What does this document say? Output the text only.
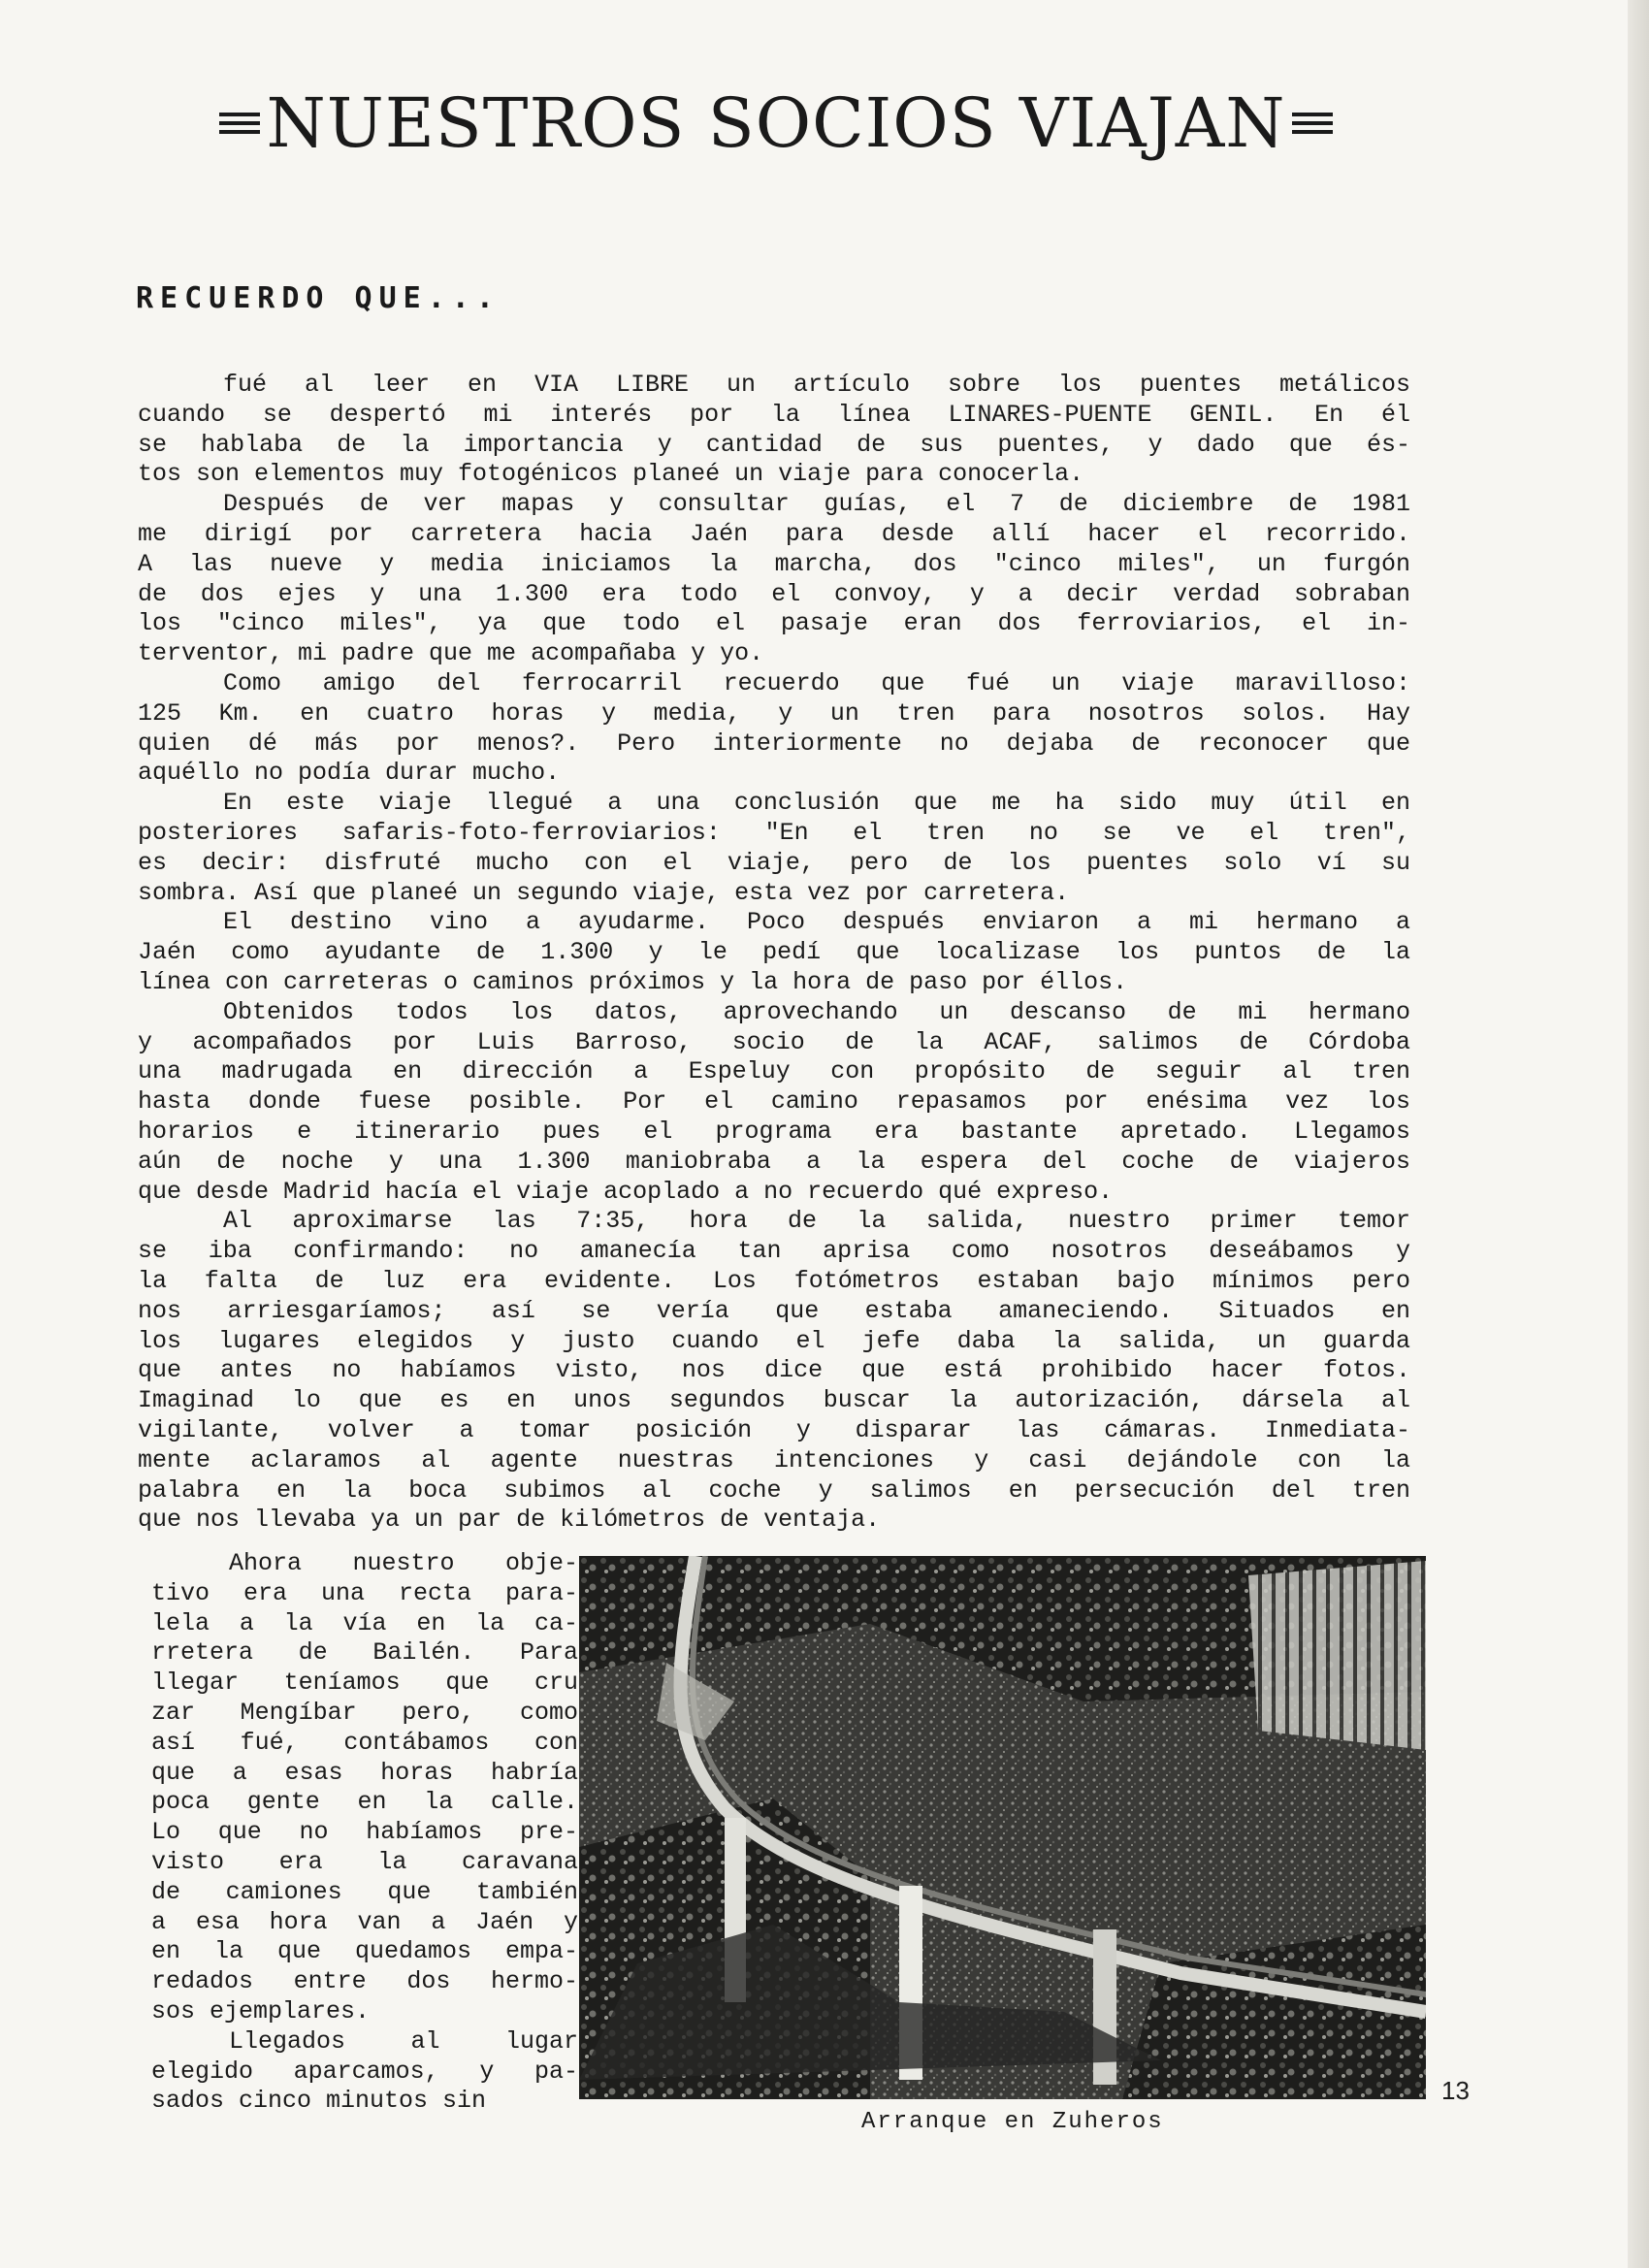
NUESTROS SOCIOS VIAJAN
RECUERDO QUE...
fué al leer en VIA LIBRE un artículo sobre los puentes metálicos
cuando se despertó mi interés por la línea LINARES-PUENTE GENIL. En él
se hablaba de la importancia y cantidad de sus puentes, y dado que és-
tos son elementos muy fotogénicos planeé un viaje para conocerla.
Después de ver mapas y consultar guías, el 7 de diciembre de 1981
me dirigí por carretera hacia Jaén para desde allí hacer el recorrido.
A las nueve y media iniciamos la marcha, dos "cinco miles", un furgón
de dos ejes y una 1.300 era todo el convoy, y a decir verdad sobraban
los "cinco miles", ya que todo el pasaje eran dos ferroviarios, el in-
terventor, mi padre que me acompañaba y yo.
Como amigo del ferrocarril recuerdo que fué un viaje maravilloso:
125 Km. en cuatro horas y media, y un tren para nosotros solos. Hay
quien dé más por menos?. Pero interiormente no dejaba de reconocer que
aquéllo no podía durar mucho.
En este viaje llegué a una conclusión que me ha sido muy útil en
posteriores safaris-foto-ferroviarios: "En el tren no se ve el tren",
es decir: disfruté mucho con el viaje, pero de los puentes solo ví su
sombra. Así que planeé un segundo viaje, esta vez por carretera.
El destino vino a ayudarme. Poco después enviaron a mi hermano a
Jaén como ayudante de 1.300 y le pedí que localizase los puntos de la
línea con carreteras o caminos próximos y la hora de paso por éllos.
Obtenidos todos los datos, aprovechando un descanso de mi hermano
y acompañados por Luis Barroso, socio de la ACAF, salimos de Córdoba
una madrugada en dirección a Espeluy con propósito de seguir al tren
hasta donde fuese posible. Por el camino repasamos por enésima vez los
horarios e itinerario pues el programa era bastante apretado. Llegamos
aún de noche y una 1.300 maniobraba a la espera del coche de viajeros
que desde Madrid hacía el viaje acoplado a no recuerdo qué expreso.
Al aproximarse las 7:35, hora de la salida, nuestro primer temor
se iba confirmando: no amanecía tan aprisa como nosotros deseábamos y
la falta de luz era evidente. Los fotómetros estaban bajo mínimos pero
nos arriesgaríamos; así se vería que estaba amaneciendo. Situados en
los lugares elegidos y justo cuando el jefe daba la salida, un guarda
que antes no habíamos visto, nos dice que está prohibido hacer fotos.
Imaginad lo que es en unos segundos buscar la autorización, dársela al
vigilante, volver a tomar posición y disparar las cámaras. Inmediata-
mente aclaramos al agente nuestras intenciones y casi dejándole con la
palabra en la boca subimos al coche y salimos en persecución del tren
que nos llevaba ya un par de kilómetros de ventaja.
Ahora nuestro obje-
tivo era una recta para-
lela a la vía en la ca-
rretera de Bailén. Para
llegar teníamos que cru
zar Mengíbar pero, como
así fué, contábamos con
que a esas horas habría
poca gente en la calle.
Lo que no habíamos pre-
visto era la caravana
de camiones que también
a esa hora van a Jaén y
en la que quedamos empa-
redados entre dos hermo-
sos ejemplares.
Llegados al lugar
elegido aparcamos, y pa-
sados cinco minutos sin
Arranque en Zuheros
13
